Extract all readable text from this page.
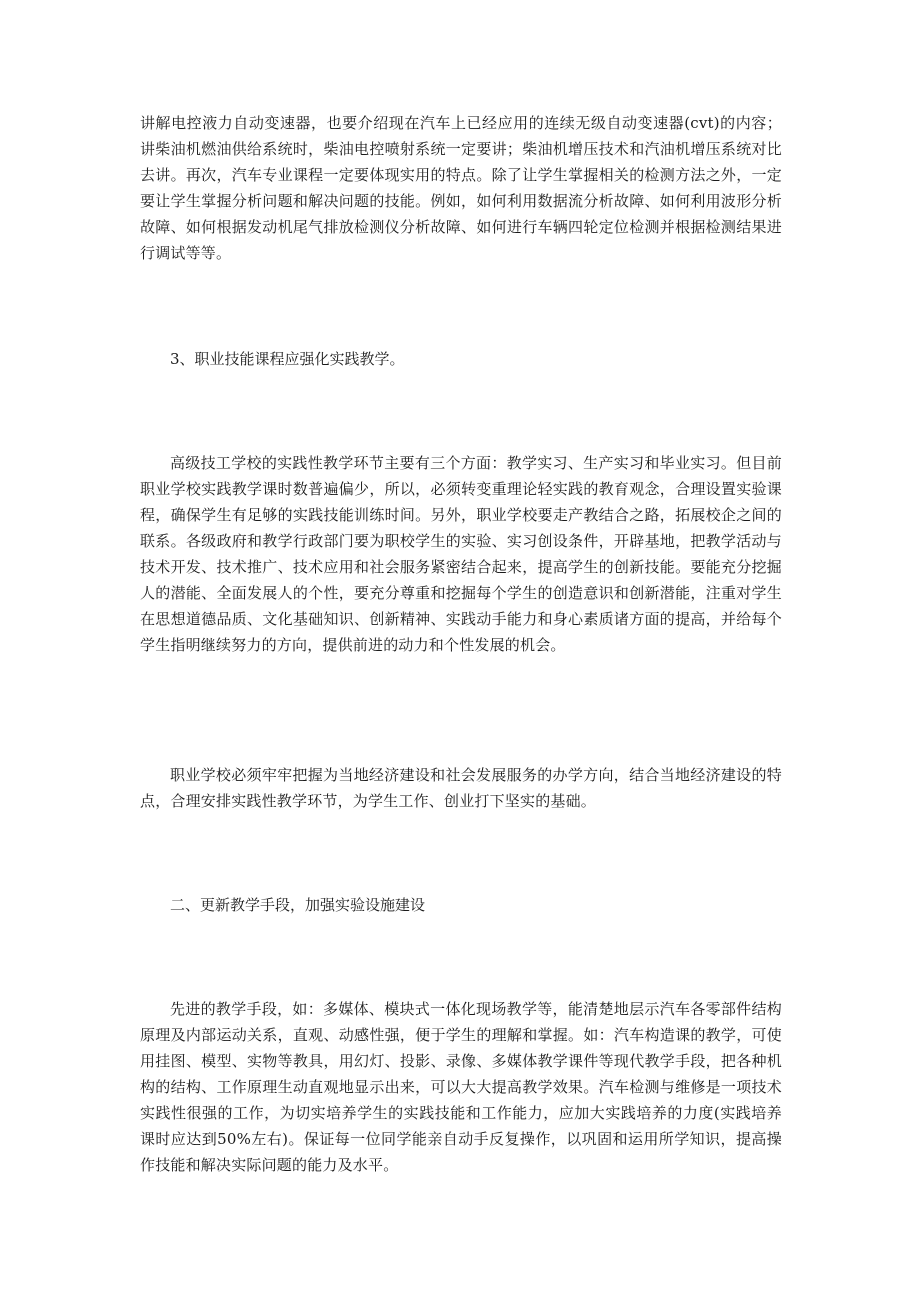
讲解电控液力自动变速器，也要介绍现在汽车上已经应用的连续无级自动变速器(cvt)的内容；讲柴油机燃油供给系统时，柴油电控喷射系统一定要讲；柴油机增压技术和汽油机增压系统对比去讲。再次，汽车专业课程一定要体现实用的特点。除了让学生掌握相关的检测方法之外，一定要让学生掌握分析问题和解决问题的技能。例如，如何利用数据流分析故障、如何利用波形分析故障、如何根据发动机尾气排放检测仪分析故障、如何进行车辆四轮定位检测并根据检测结果进行调试等等。

3、职业技能课程应强化实践教学。

高级技工学校的实践性教学环节主要有三个方面：教学实习、生产实习和毕业实习。但目前职业学校实践教学课时数普遍偏少，所以，必须转变重理论轻实践的教育观念，合理设置实验课程，确保学生有足够的实践技能训练时间。另外，职业学校要走产教结合之路，拓展校企之间的联系。各级政府和教学行政部门要为职校学生的实验、实习创设条件，开辟基地，把教学活动与技术开发、技术推广、技术应用和社会服务紧密结合起来，提高学生的创新技能。要能充分挖掘人的潜能、全面发展人的个性，要充分尊重和挖掘每个学生的创造意识和创新潜能，注重对学生在思想道德品质、文化基础知识、创新精神、实践动手能力和身心素质诸方面的提高，并给每个学生指明继续努力的方向，提供前进的动力和个性发展的机会。

职业学校必须牢牢把握为当地经济建设和社会发展服务的办学方向，结合当地经济建设的特点，合理安排实践性教学环节，为学生工作、创业打下坚实的基础。

二、更新教学手段，加强实验设施建设

先进的教学手段，如：多媒体、模块式一体化现场教学等，能清楚地层示汽车各零部件结构原理及内部运动关系，直观、动感性强，便于学生的理解和掌握。如：汽车构造课的教学，可使用挂图、模型、实物等教具，用幻灯、投影、录像、多媒体教学课件等现代教学手段，把各种机构的结构、工作原理生动直观地显示出来，可以大大提高教学效果。汽车检测与维修是一项技术实践性很强的工作，为切实培养学生的实践技能和工作能力，应加大实践培养的力度(实践培养课时应达到50%左右)。保证每一位同学能亲自动手反复操作，以巩固和运用所学知识，提高操作技能和解决实际问题的能力及水平。
